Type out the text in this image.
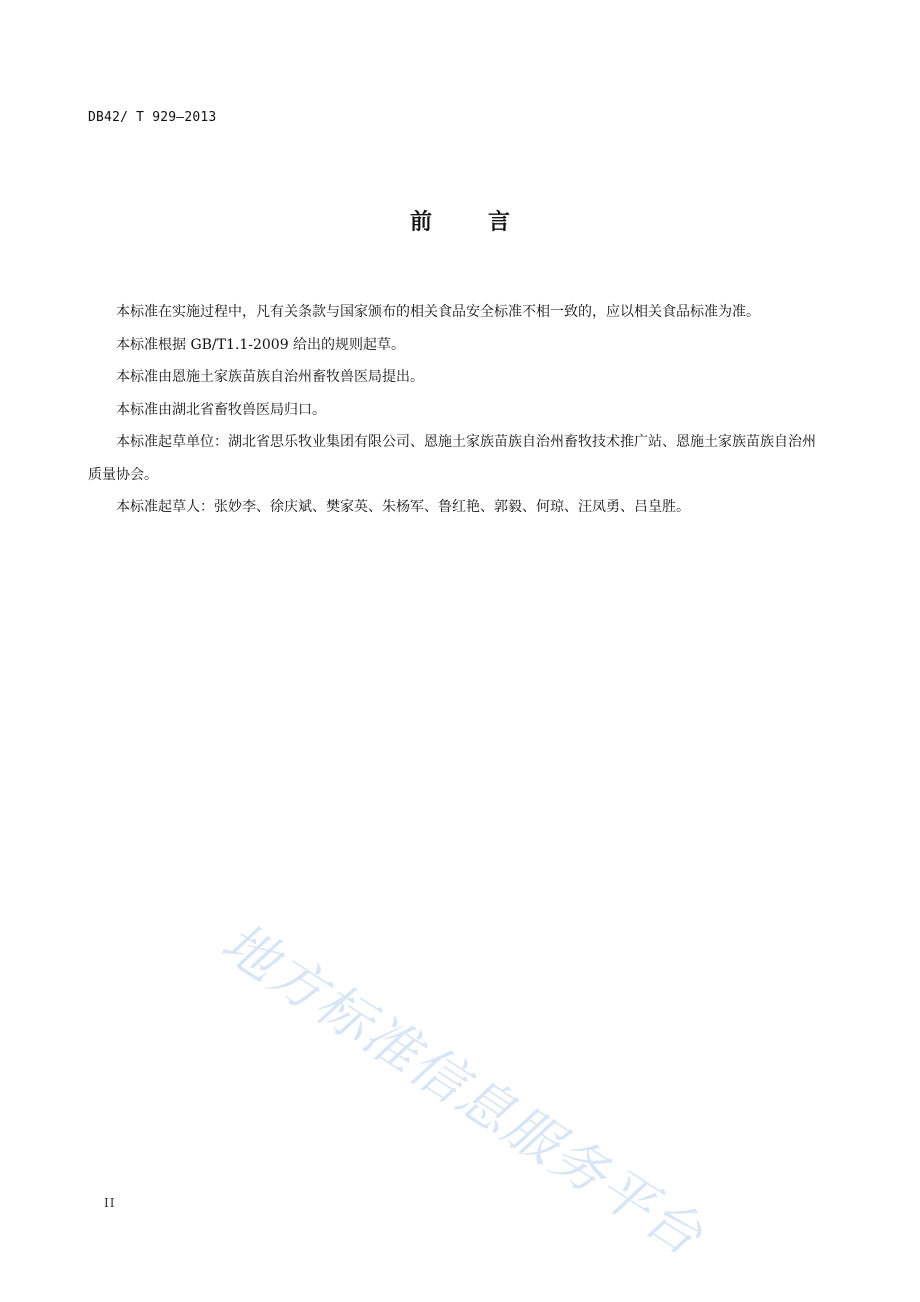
DB42/ T 929—2013
前言

本标准在实施过程中，凡有关条款与国家颁布的相关食品安全标准不相一致的，应以相关食品标准为准。

本标准根据 GB/T1.1-2009 给出的规则起草。

本标准由恩施土家族苗族自治州畜牧兽医局提出。

本标准由湖北省畜牧兽医局归口。

本标准起草单位：湖北省思乐牧业集团有限公司、恩施土家族苗族自治州畜牧技术推广站、恩施土家族苗族自治州质量协会。

本标准起草人：张妙李、徐庆斌、樊家英、朱杨军、鲁红艳、郭毅、何琼、汪凤勇、吕皇胜。

地方标准信息服务平台
II
